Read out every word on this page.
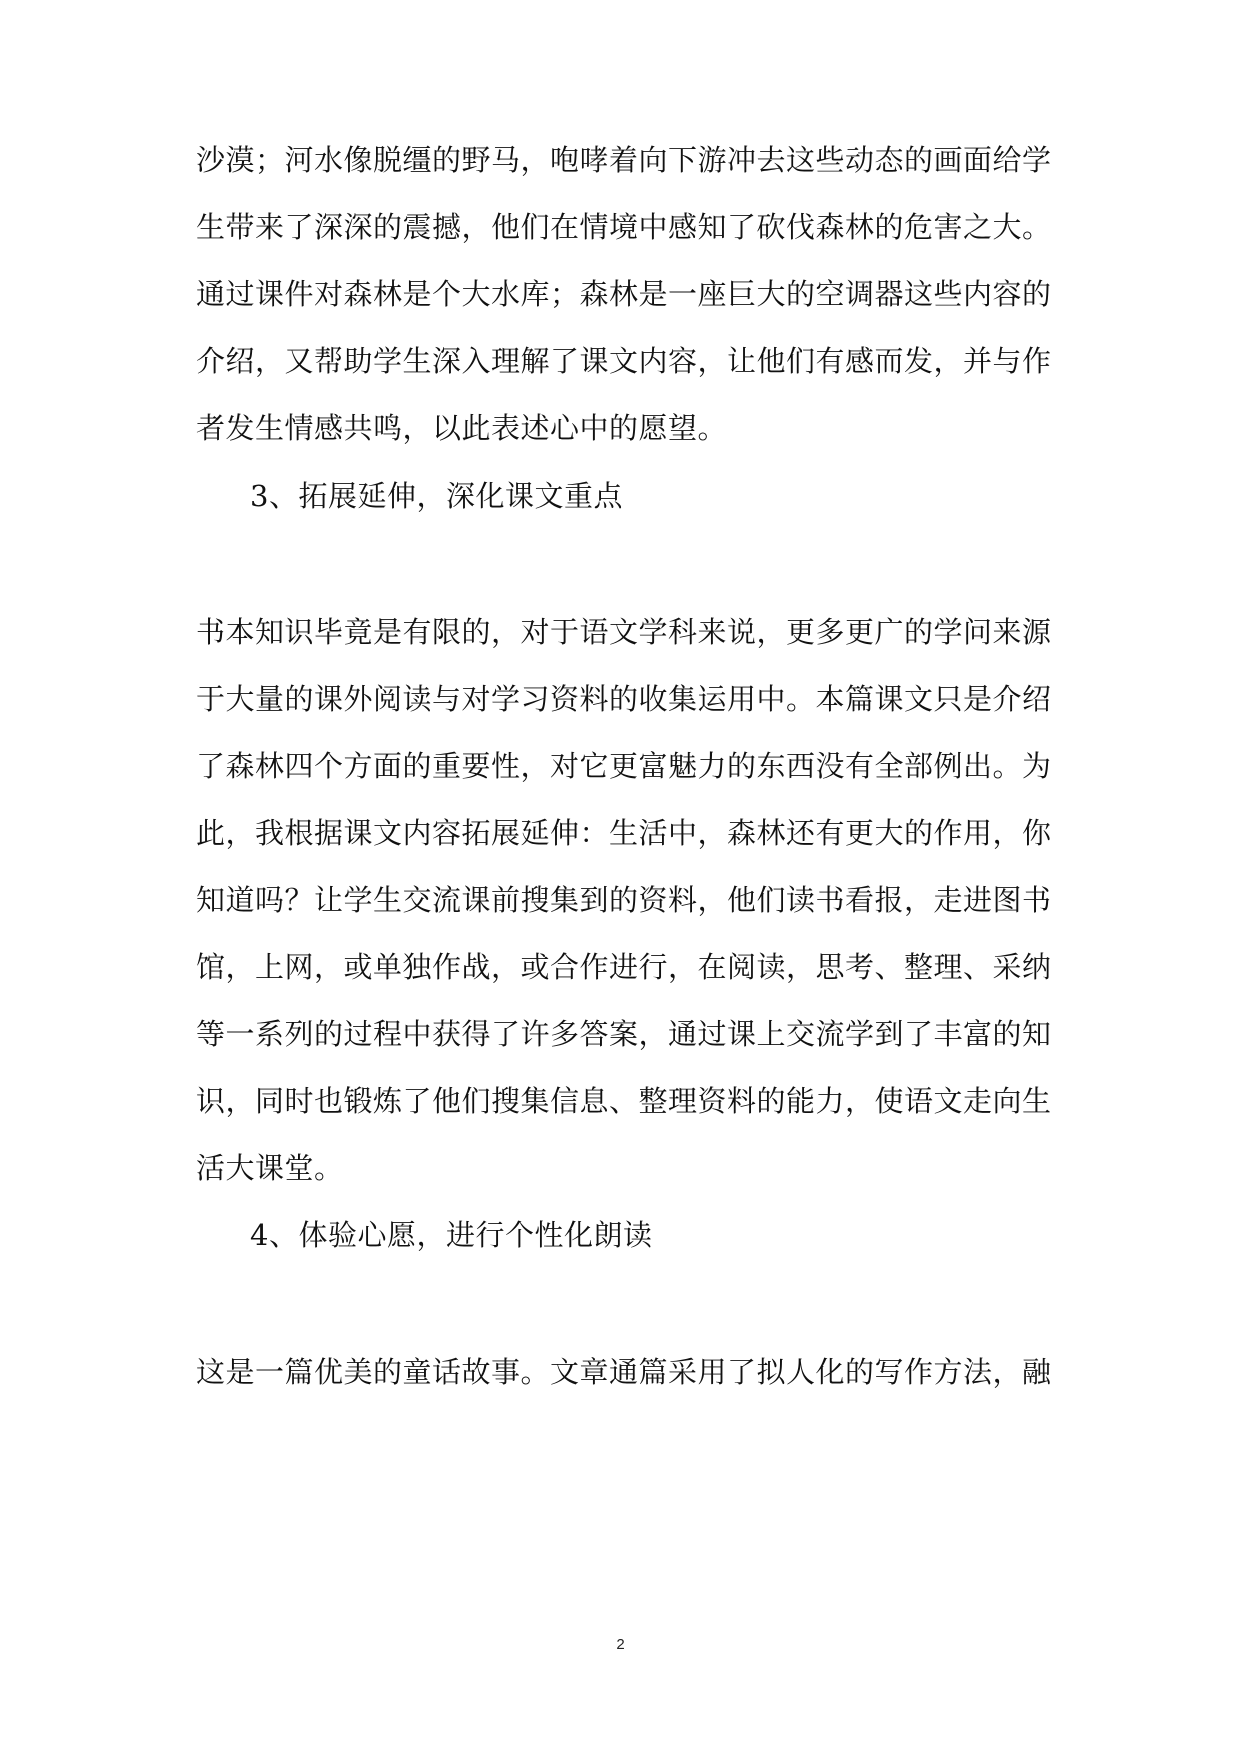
沙漠；河水像脱缰的野马，咆哮着向下游冲去这些动态的画面给学
生带来了深深的震撼，他们在情境中感知了砍伐森林的危害之大。
通过课件对森林是个大水库；森林是一座巨大的空调器这些内容的
介绍，又帮助学生深入理解了课文内容，让他们有感而发，并与作
者发生情感共鸣，以此表述心中的愿望。
3、拓展延伸，深化课文重点
书本知识毕竟是有限的，对于语文学科来说，更多更广的学问来源
于大量的课外阅读与对学习资料的收集运用中。本篇课文只是介绍
了森林四个方面的重要性，对它更富魅力的东西没有全部例出。为
此，我根据课文内容拓展延伸：生活中，森林还有更大的作用，你
知道吗？让学生交流课前搜集到的资料，他们读书看报，走进图书
馆，上网，或单独作战，或合作进行，在阅读，思考、整理、采纳
等一系列的过程中获得了许多答案，通过课上交流学到了丰富的知
识，同时也锻炼了他们搜集信息、整理资料的能力，使语文走向生
活大课堂。
4、体验心愿，进行个性化朗读
这是一篇优美的童话故事。文章通篇采用了拟人化的写作方法，融
2
